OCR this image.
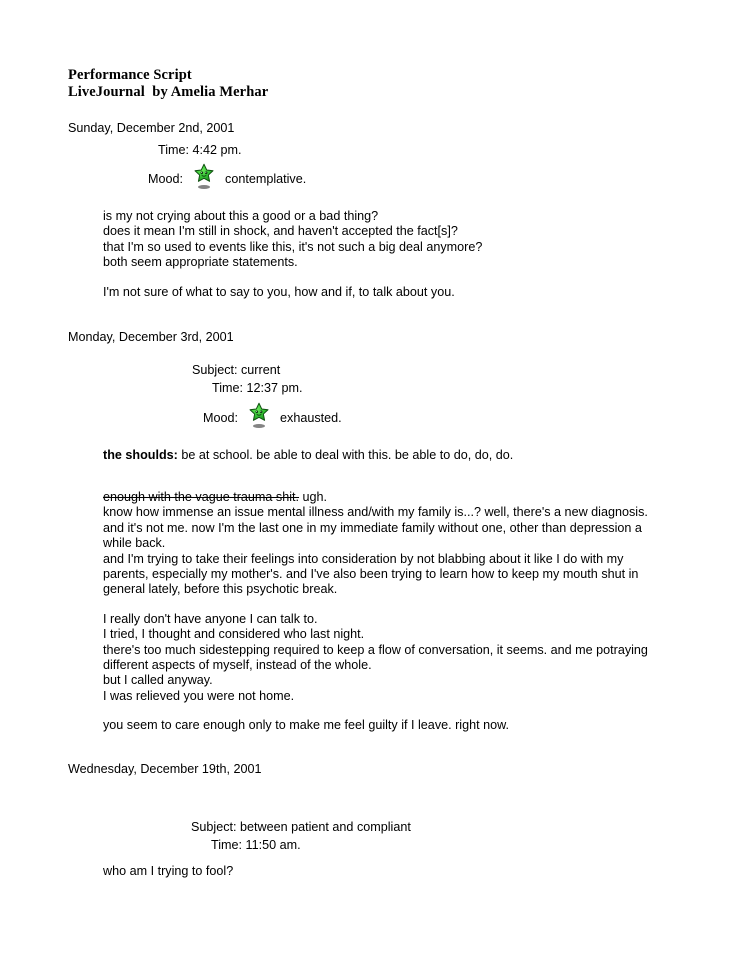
Performance Script
LiveJournal  by Amelia Merhar
Sunday, December 2nd, 2001
Time: 4:42 pm.
Mood:	contemplative.

is my not crying about this a good or a bad thing?

does it mean I'm still in shock, and haven't accepted the fact[s]?

that I'm so used to events like this, it's not such a big deal anymore?

both seem appropriate statements.

I'm not sure of what to say to you, how and if, to talk about you.

Monday, December 3rd, 2001
Subject: current
Time: 12:37 pm.
Mood:	exhausted.

the shoulds: be at school. be able to deal with this. be able to do, do, do.

enough with the vague trauma shit. ugh.

know how immense an issue mental illness and/with my family is...? well, there's a new diagnosis. and it's not me. now I'm the last one in my immediate family without one, other than depression a while back.

and I'm trying to take their feelings into consideration by not blabbing about it like I do with my parents, especially my mother's. and I've also been trying to learn how to keep my mouth shut in general lately, before this psychotic break.

I really don't have anyone I can talk to.

I tried, I thought and considered who last night.

there's too much sidestepping required to keep a flow of conversation, it seems. and me potraying different aspects of myself, instead of the whole.

but I called anyway.

I was relieved you were not home.

you seem to care enough only to make me feel guilty if I leave. right now.

Wednesday, December 19th, 2001
Subject: between patient and compliant
Time: 11:50 am.

who am I trying to fool?
